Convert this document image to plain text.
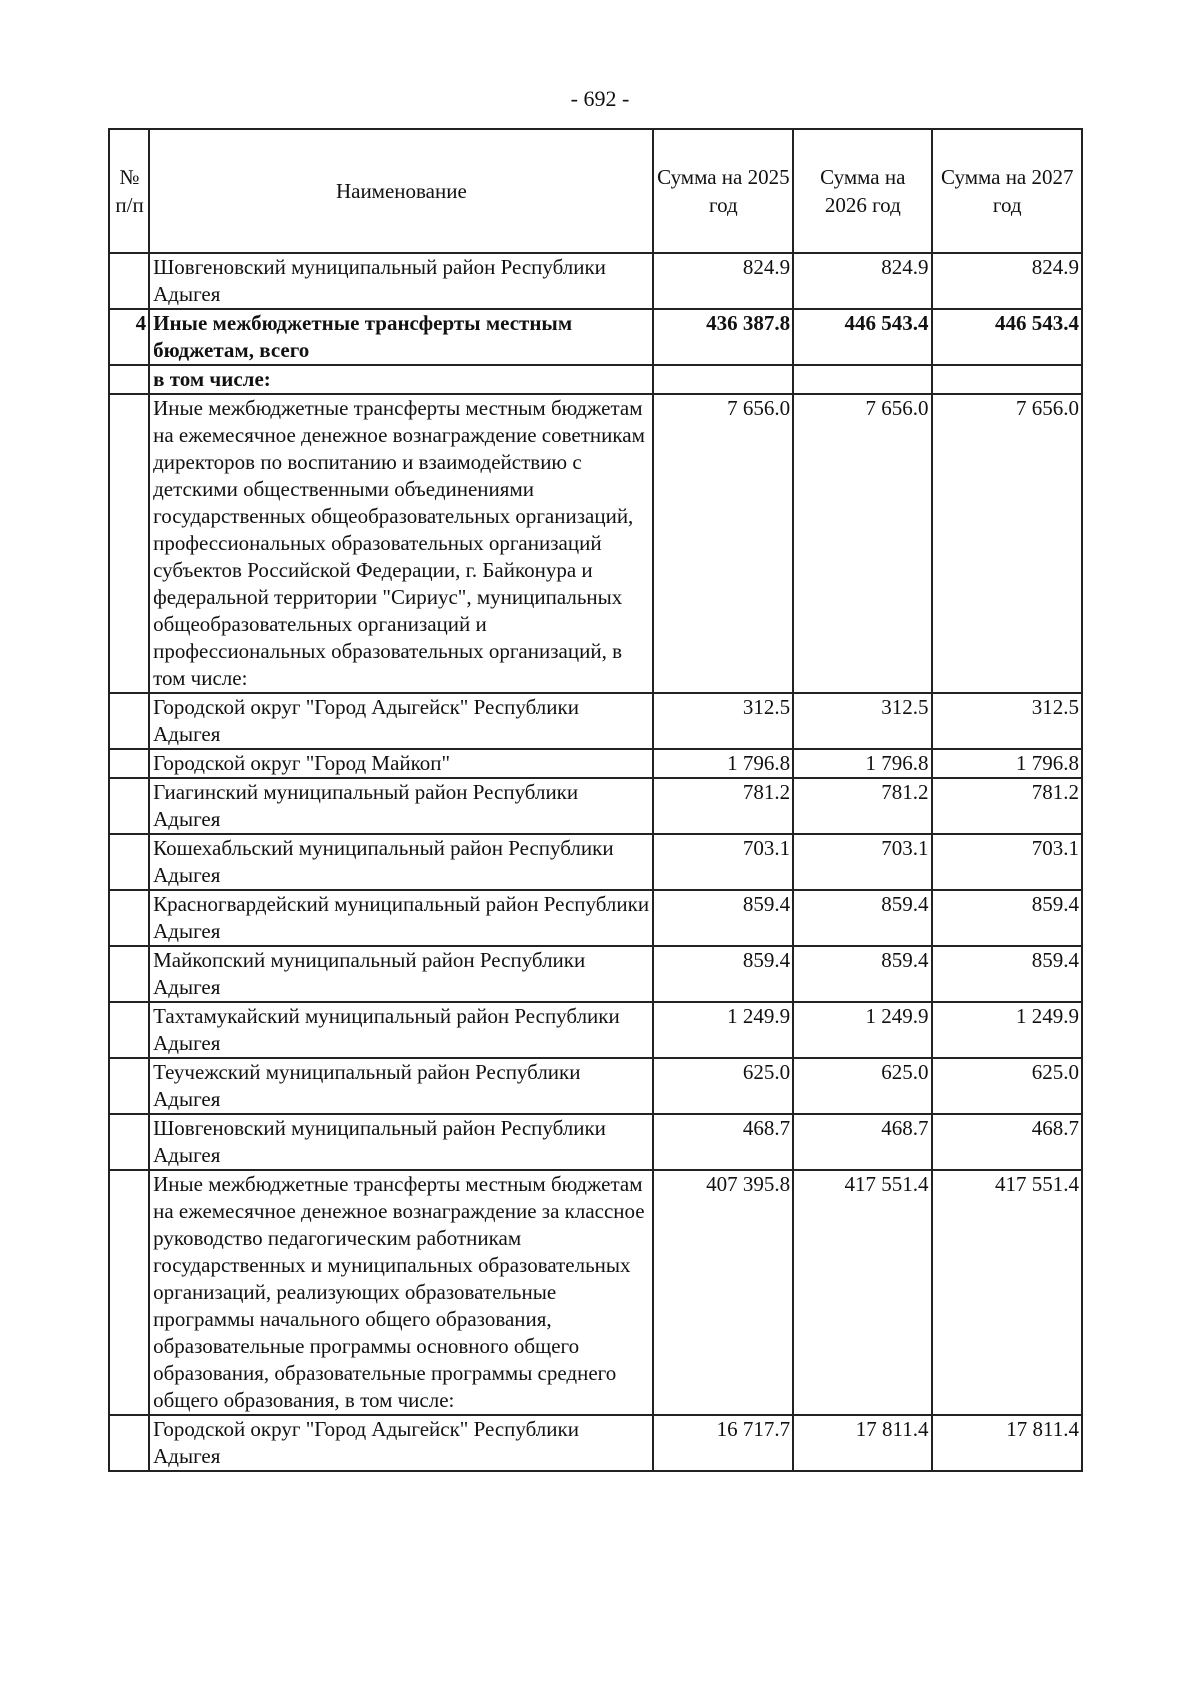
- 692 -
№ п/п	Наименование	Сумма на 2025 год	Сумма на 2026 год	Сумма на 2027 год
	Шовгеновский муниципальный район Республики Адыгея	824.9	824.9	824.9
4	Иные межбюджетные трансферты местным бюджетам, всего	436 387.8	446 543.4	446 543.4
	в том числе:			
	Иные межбюджетные трансферты местным бюджетам на ежемесячное денежное вознаграждение советникам директоров по воспитанию и взаимодействию с детскими общественными объединениями государственных общеобразовательных организаций, профессиональных образовательных организаций субъектов Российской Федерации, г. Байконура и федеральной территории "Сириус", муниципальных общеобразовательных организаций и профессиональных образовательных организаций, в том числе:	7 656.0	7 656.0	7 656.0
	Городской округ "Город Адыгейск" Республики Адыгея	312.5	312.5	312.5
	Городской округ "Город Майкоп"	1 796.8	1 796.8	1 796.8
	Гиагинский муниципальный район Республики Адыгея	781.2	781.2	781.2
	Кошехабльский муниципальный район Республики Адыгея	703.1	703.1	703.1
	Красногвардейский муниципальный район Республики Адыгея	859.4	859.4	859.4
	Майкопский муниципальный район Республики Адыгея	859.4	859.4	859.4
	Тахтамукайский муниципальный район Республики Адыгея	1 249.9	1 249.9	1 249.9
	Теучежский муниципальный район Республики Адыгея	625.0	625.0	625.0
	Шовгеновский муниципальный район Республики Адыгея	468.7	468.7	468.7
	Иные межбюджетные трансферты местным бюджетам на ежемесячное денежное вознаграждение за классное руководство педагогическим работникам государственных и муниципальных образовательных организаций, реализующих образовательные программы начального общего образования, образовательные программы основного общего образования, образовательные программы среднего общего образования, в том числе:	407 395.8	417 551.4	417 551.4
	Городской округ "Город Адыгейск" Республики Адыгея	16 717.7	17 811.4	17 811.4
